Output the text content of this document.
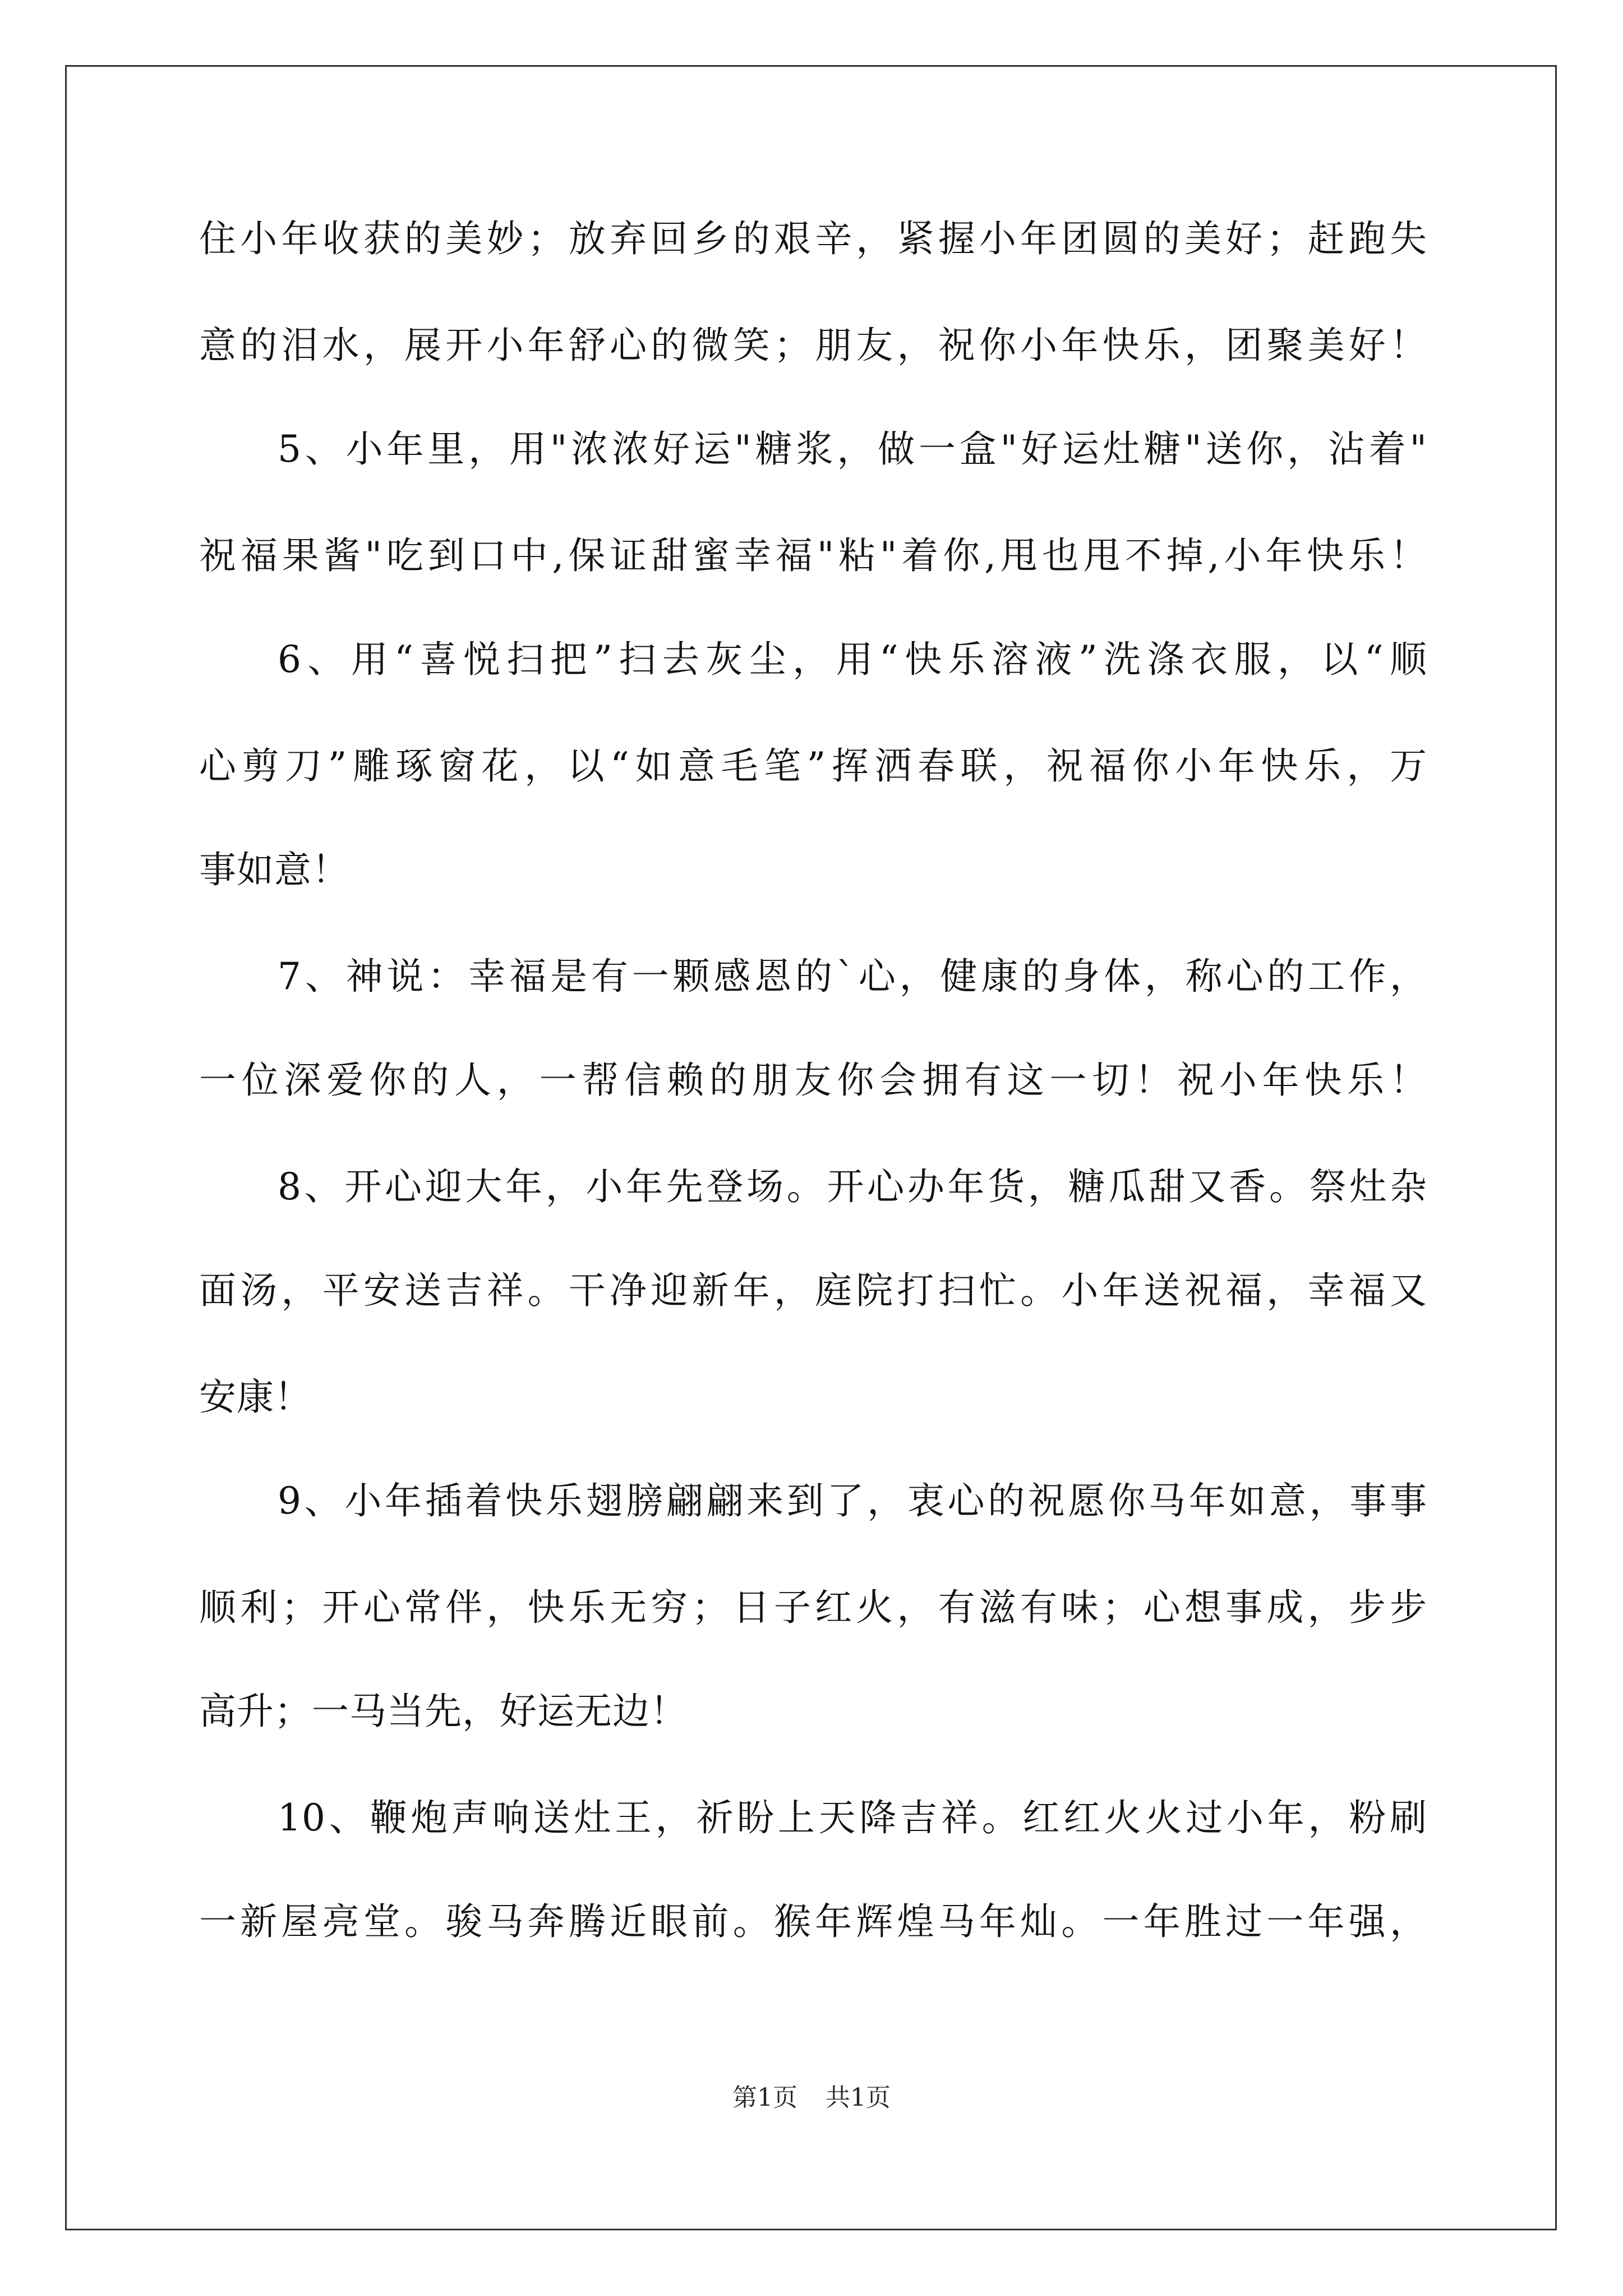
住小年收获的美妙；放弃回乡的艰辛，紧握小年团圆的美好；赶跑失
意的泪水，展开小年舒心的微笑；朋友，祝你小年快乐，团聚美好！
5、小年里，用"浓浓好运"糖浆，做一盒"好运灶糖"送你，沾着"
祝福果酱"吃到口中,保证甜蜜幸福"粘"着你,甩也甩不掉,小年快乐！
6、用“喜悦扫把”扫去灰尘，用“快乐溶液”洗涤衣服，以“顺
心剪刀”雕琢窗花，以“如意毛笔”挥洒春联，祝福你小年快乐，万
事如意！
7、神说：幸福是有一颗感恩的`心，健康的身体，称心的工作，
一位深爱你的人，一帮信赖的朋友你会拥有这一切！祝小年快乐！
8、开心迎大年，小年先登场。开心办年货，糖瓜甜又香。祭灶杂
面汤，平安送吉祥。干净迎新年，庭院打扫忙。小年送祝福，幸福又
安康！
9、小年插着快乐翅膀翩翩来到了，衷心的祝愿你马年如意，事事
顺利；开心常伴，快乐无穷；日子红火，有滋有味；心想事成，步步
高升；一马当先，好运无边！
10、鞭炮声响送灶王，祈盼上天降吉祥。红红火火过小年，粉刷
一新屋亮堂。骏马奔腾近眼前。猴年辉煌马年灿。一年胜过一年强，
第1页 共1页
